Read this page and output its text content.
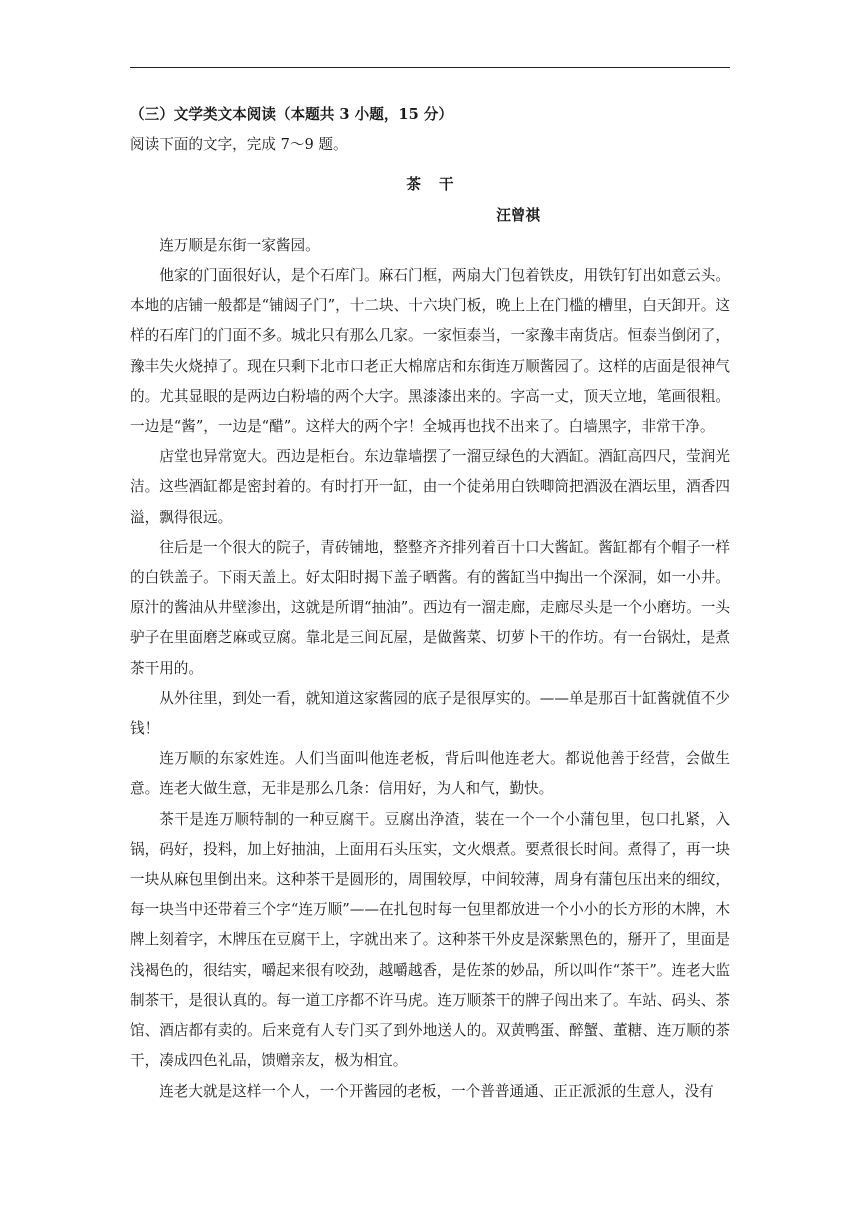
（三）文学类文本阅读（本题共 3 小题，15 分）

阅读下面的文字，完成 7～9 题。

茶干

汪曾祺

连万顺是东街一家酱园。

他家的门面很好认，是个石库门。麻石门框，两扇大门包着铁皮，用铁钉钉出如意云头。本地的店铺一般都是“铺闼子门”，十二块、十六块门板，晚上上在门槛的槽里，白天卸开。这样的石库门的门面不多。城北只有那么几家。一家恒泰当，一家豫丰南货店。恒泰当倒闭了，豫丰失火烧掉了。现在只剩下北市口老正大棉席店和东街连万顺酱园了。这样的店面是很神气的。尤其显眼的是两边白粉墙的两个大字。黑漆漆出来的。字高一丈，顶天立地，笔画很粗。一边是“酱”，一边是“醋”。这样大的两个字！全城再也找不出来了。白墙黑字，非常干净。

店堂也异常宽大。西边是柜台。东边靠墙摆了一溜豆绿色的大酒缸。酒缸高四尺，莹润光洁。这些酒缸都是密封着的。有时打开一缸，由一个徒弟用白铁唧筒把酒汲在酒坛里，酒香四溢，飘得很远。

往后是一个很大的院子，青砖铺地，整整齐齐排列着百十口大酱缸。酱缸都有个帽子一样的白铁盖子。下雨天盖上。好太阳时揭下盖子晒酱。有的酱缸当中掏出一个深洞，如一小井。原汁的酱油从井壁渗出，这就是所谓“抽油”。西边有一溜走廊，走廊尽头是一个小磨坊。一头驴子在里面磨芝麻或豆腐。靠北是三间瓦屋，是做酱菜、切萝卜干的作坊。有一台锅灶，是煮茶干用的。

从外往里，到处一看，就知道这家酱园的底子是很厚实的。——单是那百十缸酱就值不少钱！

连万顺的东家姓连。人们当面叫他连老板，背后叫他连老大。都说他善于经营，会做生意。连老大做生意，无非是那么几条：信用好，为人和气，勤快。

茶干是连万顺特制的一种豆腐干。豆腐出浄渣，装在一个一个小蒲包里，包口扎紧，入锅，码好，投料，加上好抽油，上面用石头压实，文火煨煮。要煮很长时间。煮得了，再一块一块从麻包里倒出来。这种茶干是圆形的，周围较厚，中间较薄，周身有蒲包压出来的细纹，每一块当中还带着三个字“连万顺”——在扎包时每一包里都放进一个小小的长方形的木牌，木牌上刻着字，木牌压在豆腐干上，字就出来了。这种茶干外皮是深紫黑色的，掰开了，里面是浅褐色的，很结实，嚼起来很有咬劲，越嚼越香，是佐茶的妙品，所以叫作“茶干”。连老大监制茶干，是很认真的。每一道工序都不许马虎。连万顺茶干的牌子闯出来了。车站、码头、茶馆、酒店都有卖的。后来竟有人专门买了到外地送人的。双黄鸭蛋、醉蟹、董糖、连万顺的茶干，凑成四色礼品，馈赠亲友，极为相宜。

连老大就是这样一个人，一个开酱园的老板，一个普普通通、正正派派的生意人，没有
